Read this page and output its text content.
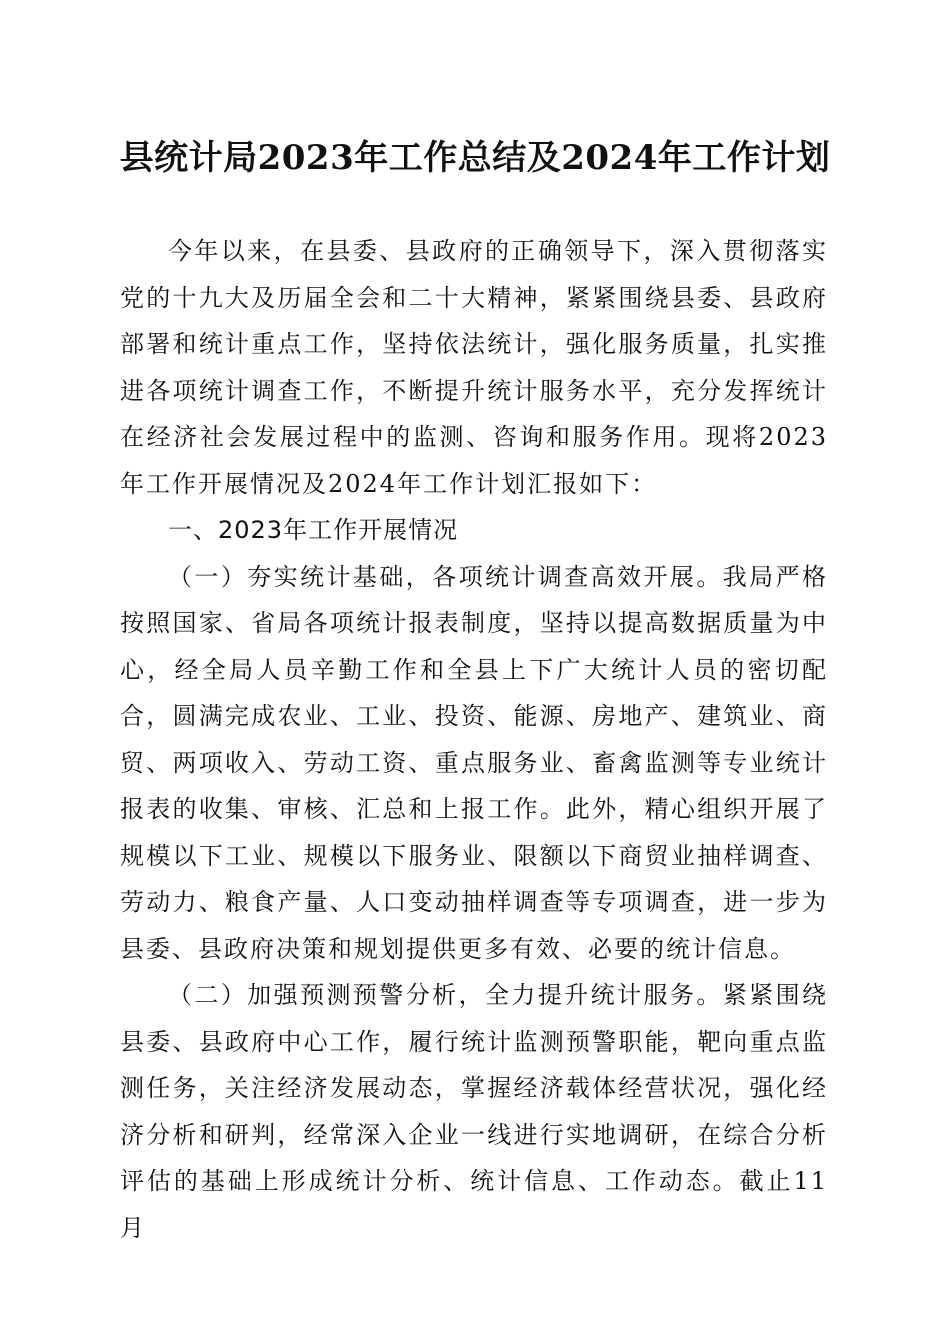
县统计局2023年工作总结及2024年工作计划

今年以来，在县委、县政府的正确领导下，深入贯彻落实党的十九大及历届全会和二十大精神，紧紧围绕县委、县政府部署和统计重点工作，坚持依法统计，强化服务质量，扎实推进各项统计调查工作，不断提升统计服务水平，充分发挥统计在经济社会发展过程中的监测、咨询和服务作用。现将2023年工作开展情况及2024年工作计划汇报如下：

一、2023年工作开展情况

（一）夯实统计基础，各项统计调查高效开展。我局严格按照国家、省局各项统计报表制度，坚持以提高数据质量为中心，经全局人员辛勤工作和全县上下广大统计人员的密切配合，圆满完成农业、工业、投资、能源、房地产、建筑业、商贸、两项收入、劳动工资、重点服务业、畜禽监测等专业统计报表的收集、审核、汇总和上报工作。此外，精心组织开展了规模以下工业、规模以下服务业、限额以下商贸业抽样调查、劳动力、粮食产量、人口变动抽样调查等专项调查，进一步为县委、县政府决策和规划提供更多有效、必要的统计信息。

（二）加强预测预警分析，全力提升统计服务。紧紧围绕县委、县政府中心工作，履行统计监测预警职能，靶向重点监测任务，关注经济发展动态，掌握经济载体经营状况，强化经济分析和研判，经常深入企业一线进行实地调研，在综合分析评估的基础上形成统计分析、统计信息、工作动态。截止11月
